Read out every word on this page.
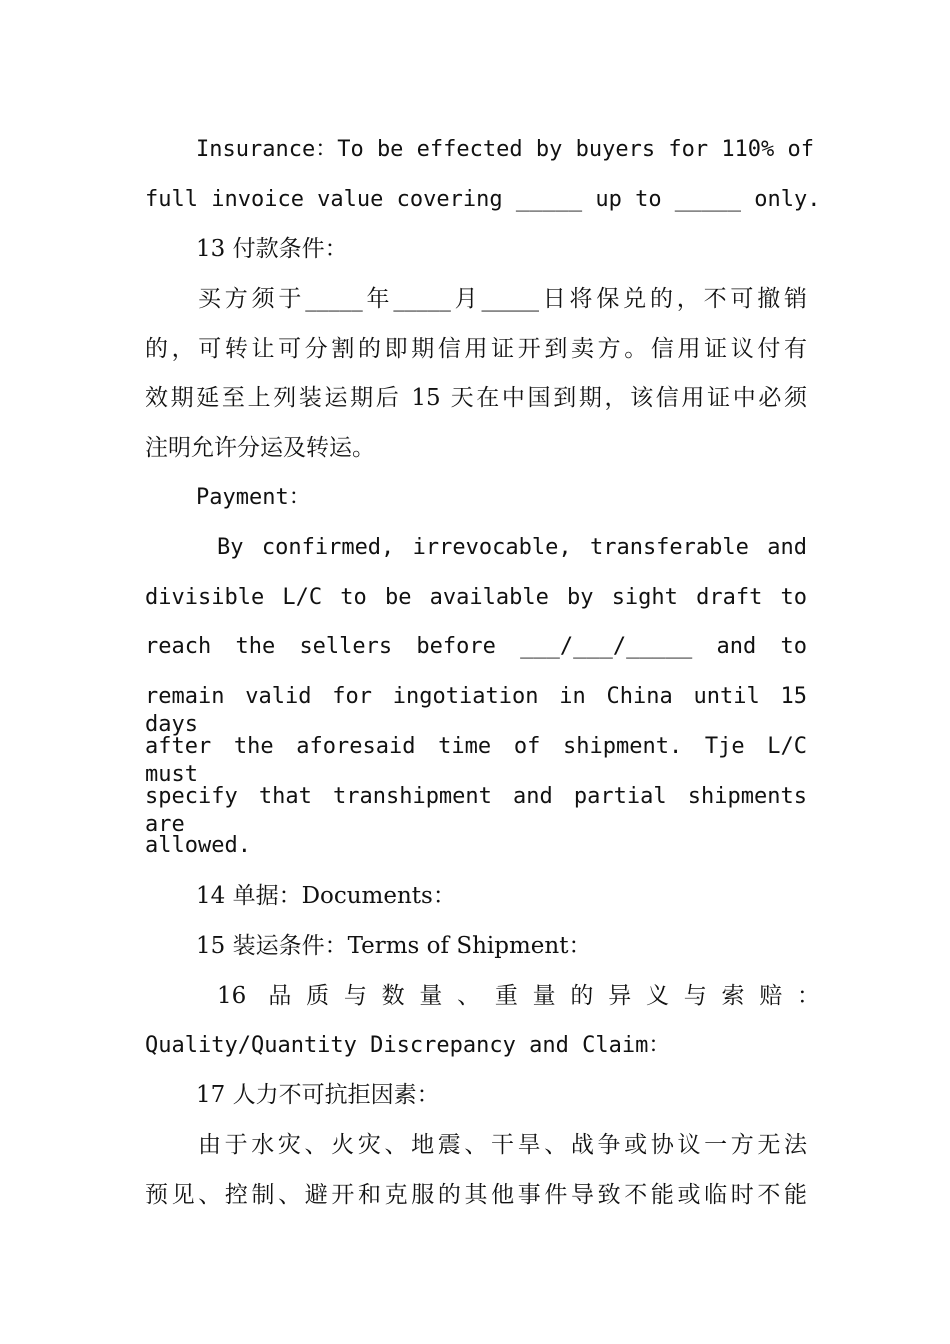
Insurance：To be effected by buyers for 110% of
full invoice value covering _____ up to _____ only.
13 付款条件：
买方须于_____年_____月_____日将保兑的，不可撤销
的，可转让可分割的即期信用证开到卖方。信用证议付有
效期延至上列装运期后 15 天在中国到期，该信用证中必须
注明允许分运及转运。
Payment：
By confirmed, irrevocable, transferable and
divisible L/C to be available by sight draft to
reach the sellers before ___/___/_____ and to
remain valid for ingotiation in China until 15 days
after the aforesaid time of shipment. Tje L/C must
specify that transhipment and partial shipments are
allowed.
14 单据：Documents：
15 装运条件：Terms of Shipment：
16 品质与数量、重量的异义与索赔：
Quality/Quantity Discrepancy and Claim：
17 人力不可抗拒因素：
由于水灾、火灾、地震、干旱、战争或协议一方无法
预见、控制、避开和克服的其他事件导致不能或临时不能
